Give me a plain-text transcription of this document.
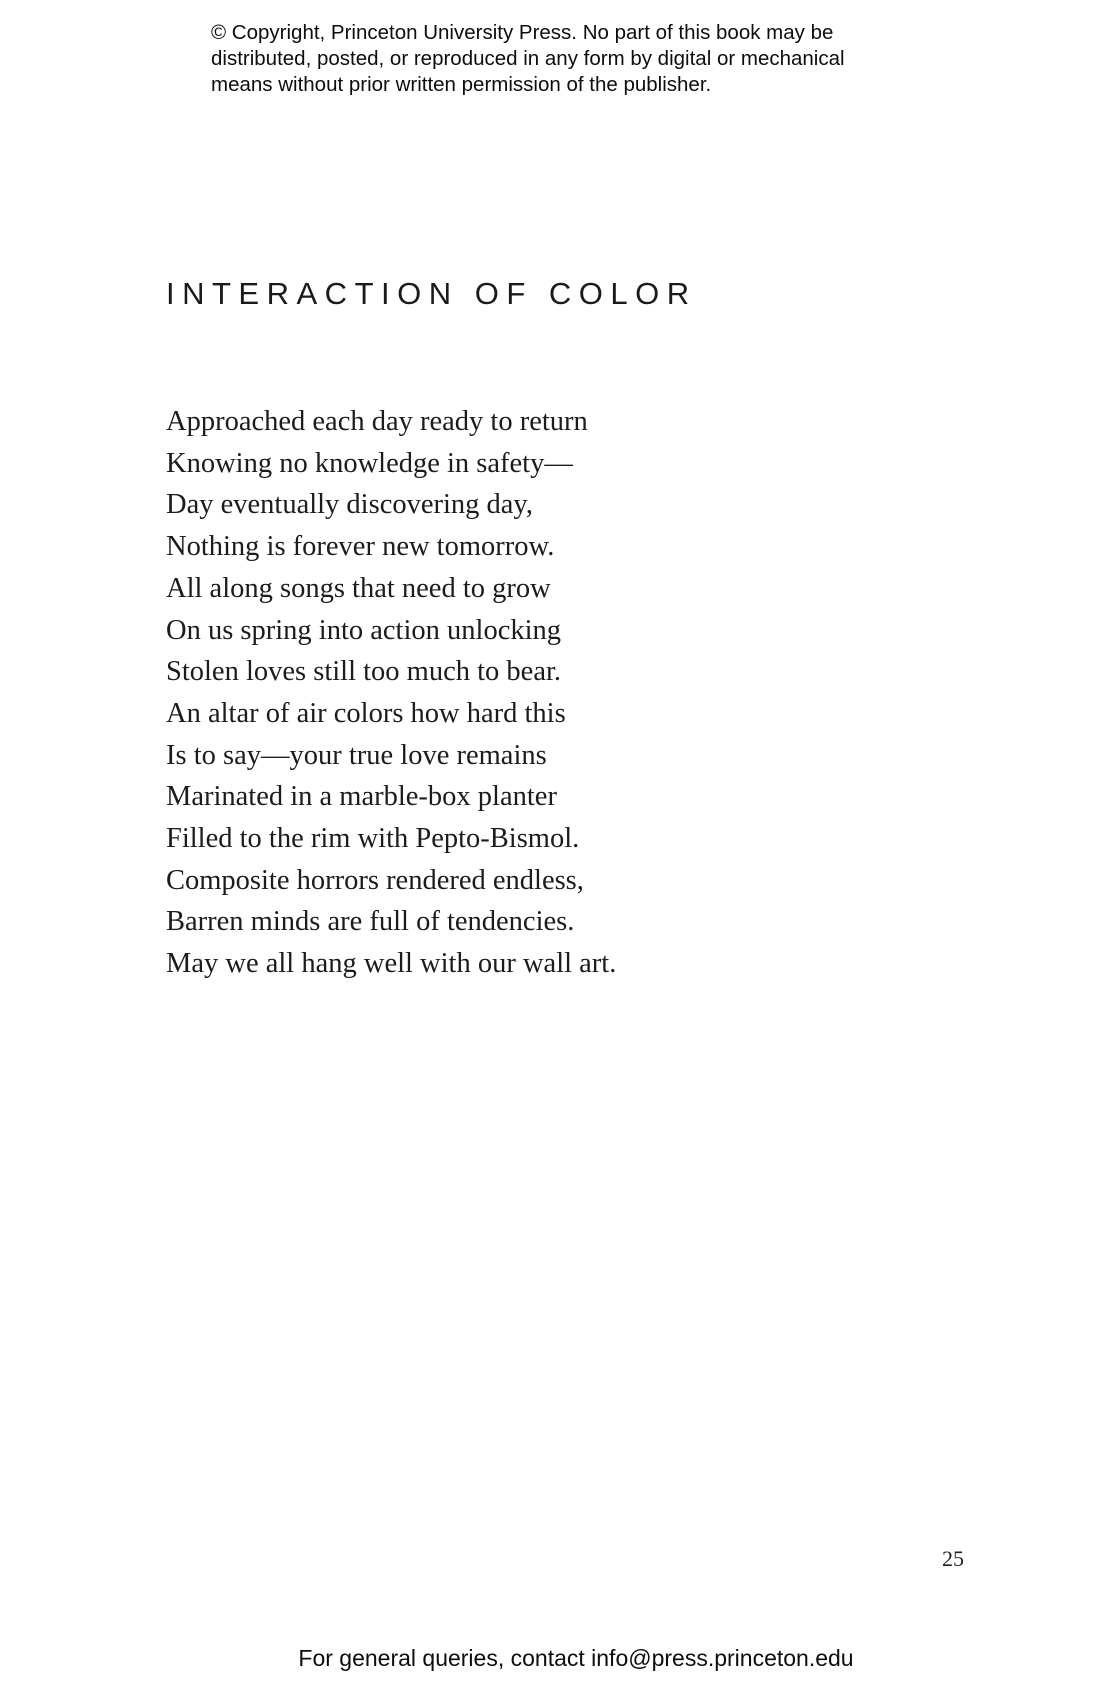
© Copyright, Princeton University Press. No part of this book may be
distributed, posted, or reproduced in any form by digital or mechanical
means without prior written permission of the publisher.
INTERACTION OF COLOR
Approached each day ready to return
Knowing no knowledge in safety—
Day eventually discovering day,
Nothing is forever new tomorrow.
All along songs that need to grow
On us spring into action unlocking
Stolen loves still too much to bear.
An altar of air colors how hard this
Is to say—your true love remains
Marinated in a marble-box planter
Filled to the rim with Pepto-Bismol.
Composite horrors rendered endless,
Barren minds are full of tendencies.
May we all hang well with our wall art.
25
For general queries, contact info@press.princeton.edu
